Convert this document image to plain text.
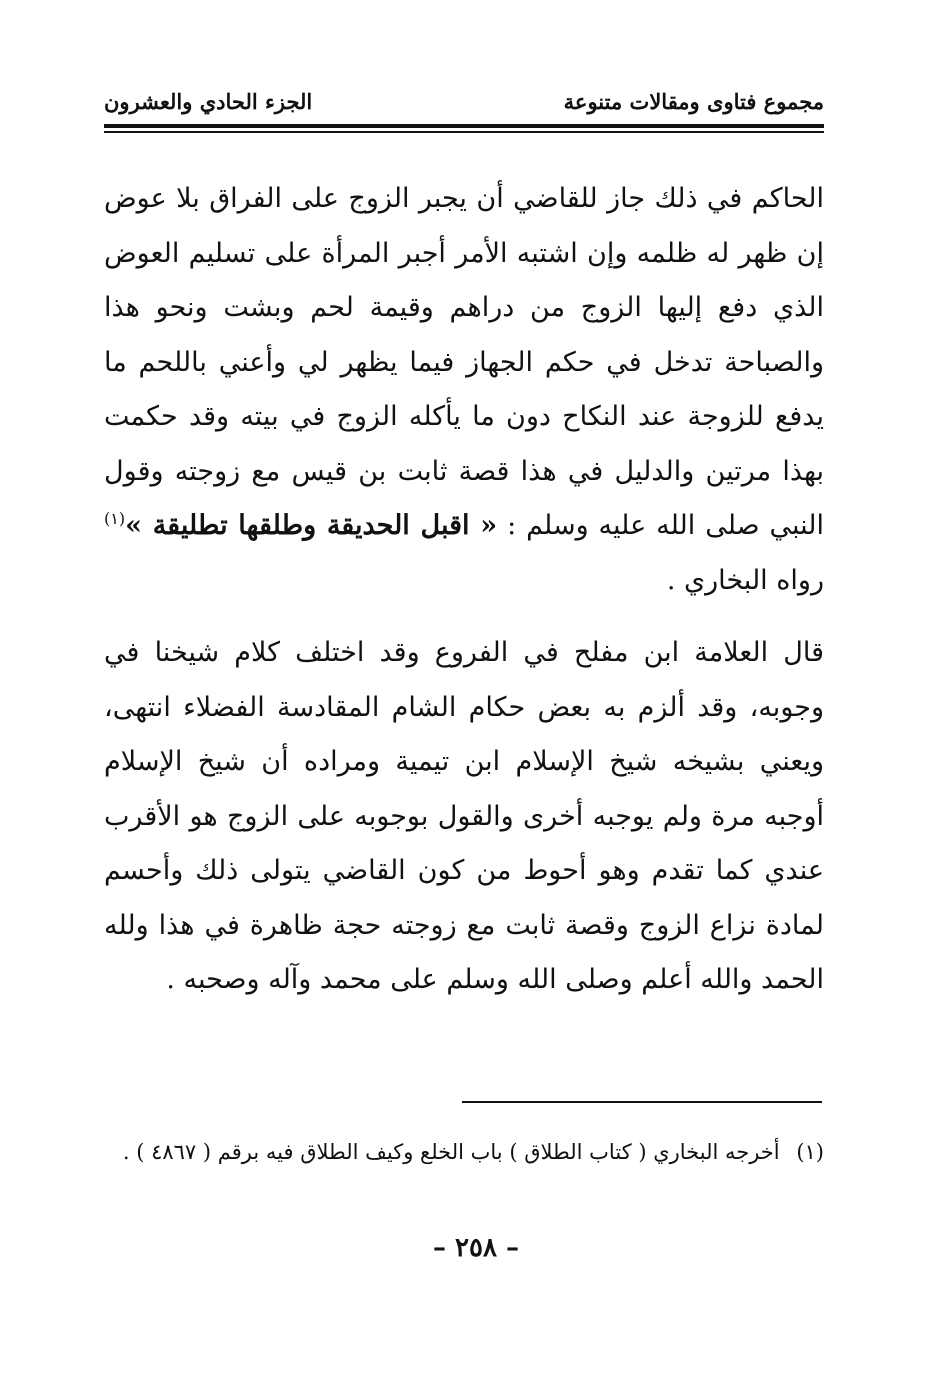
مجموع فتاوى ومقالات متنوعة
الجزء الحادي والعشرون

الحاكم في ذلك جاز للقاضي أن يجبر الزوج على الفراق بلا عوض إن ظهر له ظلمه وإن اشتبه الأمر أجبر المرأة على تسليم العوض الذي دفع إليها الزوج من دراهم وقيمة لحم وبشت ونحو هذا والصباحة تدخل في حكم الجهاز فيما يظهر لي وأعني باللحم ما يدفع للزوجة عند النكاح دون ما يأكله الزوج في بيته وقد حكمت بهذا مرتين والدليل في هذا قصة ثابت بن قيس مع زوجته وقول النبي صلى الله عليه وسلم : « اقبل الحديقة وطلقها تطليقة »$^{(١)}$ رواه البخاري .

قال العلامة ابن مفلح في الفروع وقد اختلف كلام شيخنا في وجوبه، وقد ألزم به بعض حكام الشام المقادسة الفضلاء انتهى، ويعني بشيخه شيخ الإسلام ابن تيمية ومراده أن شيخ الإسلام أوجبه مرة ولم يوجبه أخرى والقول بوجوبه على الزوج هو الأقرب عندي كما تقدم وهو أحوط من كون القاضي يتولى ذلك وأحسم لمادة نزاع الزوج وقصة ثابت مع زوجته حجة ظاهرة في هذا ولله الحمد والله أعلم وصلى الله وسلم على محمد وآله وصحبه .

(١) أخرجه البخاري ( كتاب الطلاق ) باب الخلع وكيف الطلاق فيه برقم ( ٤٨٦٧ ) .
– ٢٥٨ –
